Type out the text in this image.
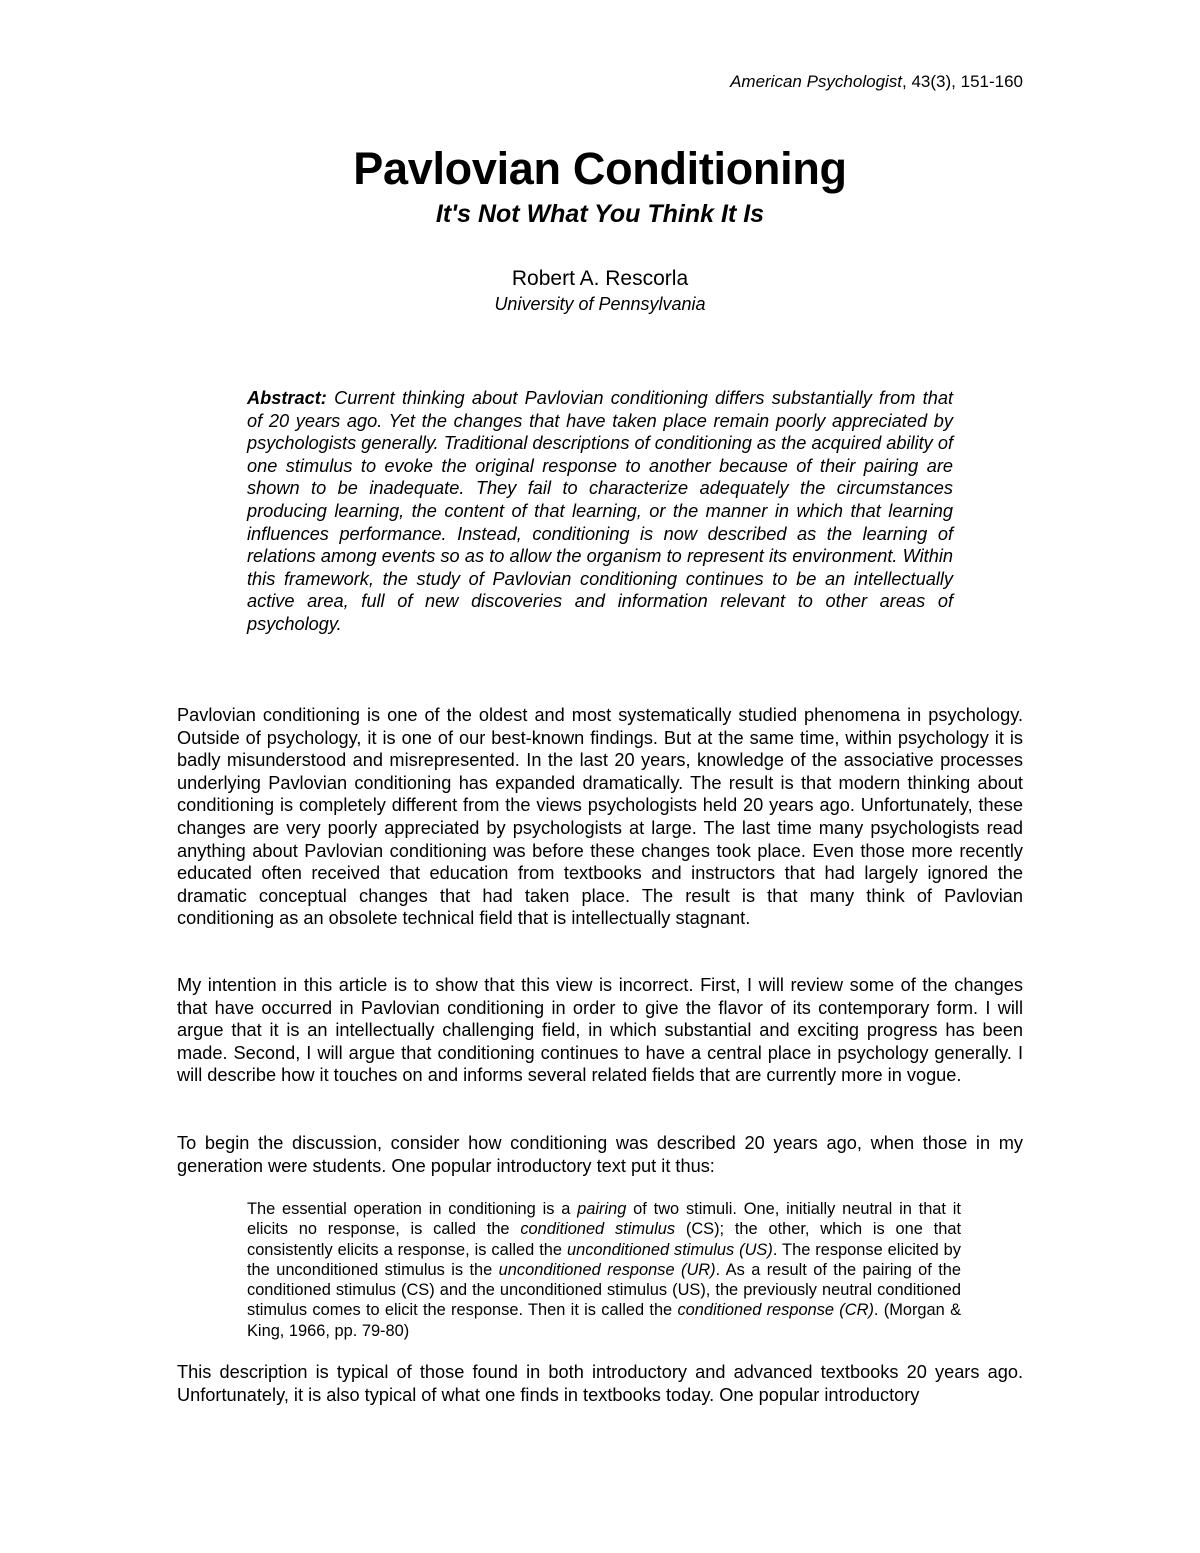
American Psychologist, 43(3), 151-160
Pavlovian Conditioning
It's Not What You Think It Is
Robert A. Rescorla
University of Pennsylvania
Abstract: Current thinking about Pavlovian conditioning differs substantially from that of 20 years ago. Yet the changes that have taken place remain poorly appreciated by psychologists generally. Traditional descriptions of conditioning as the acquired ability of one stimulus to evoke the original response to another because of their pairing are shown to be inadequate. They fail to characterize adequately the circumstances producing learning, the content of that learning, or the manner in which that learning influences performance. Instead, conditioning is now described as the learning of relations among events so as to allow the organism to represent its environment. Within this framework, the study of Pavlovian conditioning continues to be an intellectually active area, full of new discoveries and information relevant to other areas of psychology.
Pavlovian conditioning is one of the oldest and most systematically studied phenomena in psychology. Outside of psychology, it is one of our best-known findings. But at the same time, within psychology it is badly misunderstood and misrepresented. In the last 20 years, knowledge of the associative processes underlying Pavlovian conditioning has expanded dramatically. The result is that modern thinking about conditioning is completely different from the views psychologists held 20 years ago. Unfortunately, these changes are very poorly appreciated by psychologists at large. The last time many psychologists read anything about Pavlovian conditioning was before these changes took place. Even those more recently educated often received that education from textbooks and instructors that had largely ignored the dramatic conceptual changes that had taken place. The result is that many think of Pavlovian conditioning as an obsolete technical field that is intellectually stagnant.
My intention in this article is to show that this view is incorrect. First, I will review some of the changes that have occurred in Pavlovian conditioning in order to give the flavor of its contemporary form. I will argue that it is an intellectually challenging field, in which substantial and exciting progress has been made. Second, I will argue that conditioning continues to have a central place in psychology generally. I will describe how it touches on and informs several related fields that are currently more in vogue.
To begin the discussion, consider how conditioning was described 20 years ago, when those in my generation were students. One popular introductory text put it thus:
The essential operation in conditioning is a pairing of two stimuli. One, initially neutral in that it elicits no response, is called the conditioned stimulus (CS); the other, which is one that consistently elicits a response, is called the unconditioned stimulus (US). The response elicited by the unconditioned stimulus is the unconditioned response (UR). As a result of the pairing of the conditioned stimulus (CS) and the unconditioned stimulus (US), the previously neutral conditioned stimulus comes to elicit the response. Then it is called the conditioned response (CR). (Morgan & King, 1966, pp. 79-80)
This description is typical of those found in both introductory and advanced textbooks 20 years ago. Unfortunately, it is also typical of what one finds in textbooks today. One popular introductory
